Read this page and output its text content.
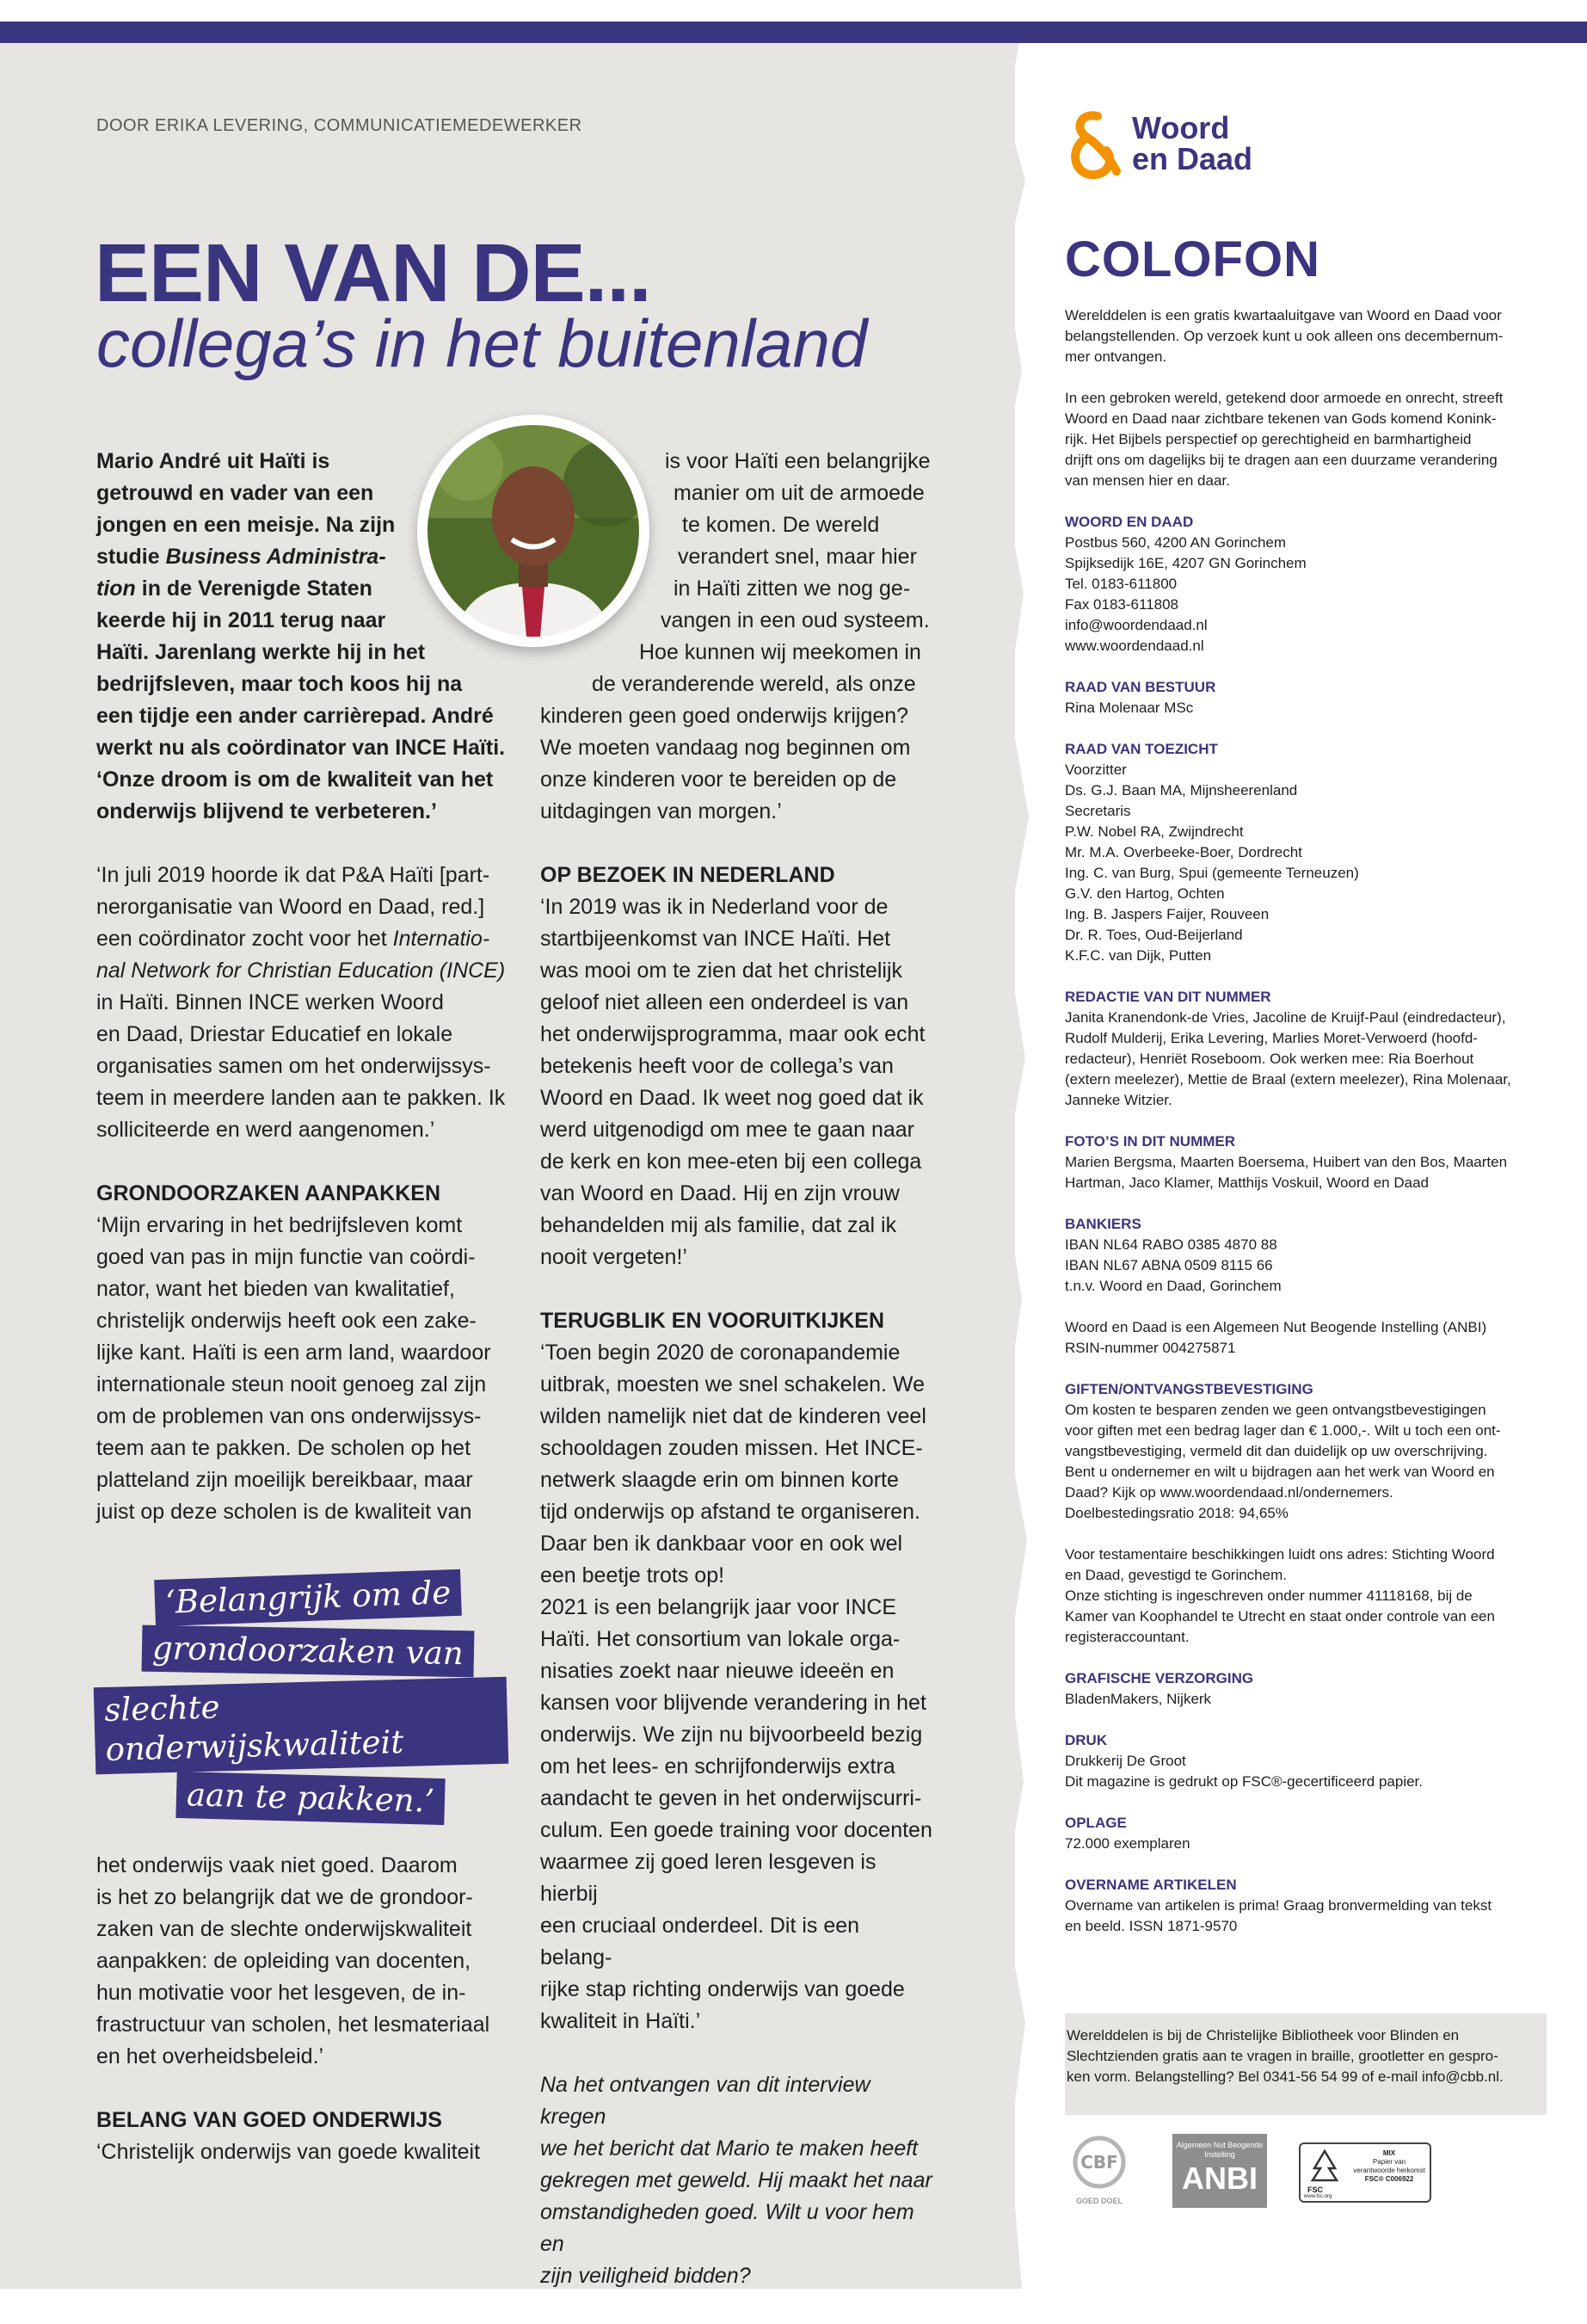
DOOR ERIKA LEVERING, COMMUNICATIEMEDEWERKER
EEN VAN DE...
collega’s in het buitenland

Mario André uit Haïti is
getrouwd en vader van een
jongen en een meisje. Na zijn
studie Business Administra-
tion in de Verenigde Staten
keerde hij in 2011 terug naar
Haïti. Jarenlang werkte hij in het
bedrijfsleven, maar toch koos hij na
een tijdje een ander carrièrepad. André
werkt nu als coördinator van INCE Haïti.
‘Onze droom is om de kwaliteit van het
onderwijs blijvend te verbeteren.’

‘In juli 2019 hoorde ik dat P&A Haïti [part-
nerorganisatie van Woord en Daad, red.]
een coördinator zocht voor het Internatio-
nal Network for Christian Education (INCE)
in Haïti. Binnen INCE werken Woord
en Daad, Driestar Educatief en lokale
organisaties samen om het onderwijssys-
teem in meerdere landen aan te pakken. Ik
solliciteerde en werd aangenomen.’

GRONDOORZAKEN AANPAKKEN

‘Mijn ervaring in het bedrijfsleven komt
goed van pas in mijn functie van coördi-
nator, want het bieden van kwalitatief,
christelijk onderwijs heeft ook een zake-
lijke kant. Haïti is een arm land, waardoor
internationale steun nooit genoeg zal zijn
om de problemen van ons onderwijssys-
teem aan te pakken. De scholen op het
platteland zijn moeilijk bereikbaar, maar
juist op deze scholen is de kwaliteit van

‘Belangrijk om de
grondoorzaken van
slechte onderwijskwaliteit
aan te pakken.’

het onderwijs vaak niet goed. Daarom
is het zo belangrijk dat we de grondoor-
zaken van de slechte onderwijskwaliteit
aanpakken: de opleiding van docenten,
hun motivatie voor het lesgeven, de in-
frastructuur van scholen, het lesmateriaal
en het overheidsbeleid.’

BELANG VAN GOED ONDERWIJS

‘Christelijk onderwijs van goede kwaliteit

is voor Haïti een belangrijke
manier om uit de armoede
te komen. De wereld
verandert snel, maar hier
in Haïti zitten we nog ge-
vangen in een oud systeem.
Hoe kunnen wij meekomen in
de veranderende wereld, als onze
kinderen geen goed onderwijs krijgen?
We moeten vandaag nog beginnen om
onze kinderen voor te bereiden op de
uitdagingen van morgen.’

OP BEZOEK IN NEDERLAND

‘In 2019 was ik in Nederland voor de
startbijeenkomst van INCE Haïti. Het
was mooi om te zien dat het christelijk
geloof niet alleen een onderdeel is van
het onderwijsprogramma, maar ook echt
betekenis heeft voor de collega’s van
Woord en Daad. Ik weet nog goed dat ik
werd uitgenodigd om mee te gaan naar
de kerk en kon mee-eten bij een collega
van Woord en Daad. Hij en zijn vrouw
behandelden mij als familie, dat zal ik
nooit vergeten!’

TERUGBLIK EN VOORUITKIJKEN

‘Toen begin 2020 de coronapandemie
uitbrak, moesten we snel schakelen. We
wilden namelijk niet dat de kinderen veel
schooldagen zouden missen. Het INCE-
netwerk slaagde erin om binnen korte
tijd onderwijs op afstand te organiseren.
Daar ben ik dankbaar voor en ook wel
een beetje trots op!
2021 is een belangrijk jaar voor INCE
Haïti. Het consortium van lokale orga-
nisaties zoekt naar nieuwe ideeën en
kansen voor blijvende verandering in het
onderwijs. We zijn nu bijvoorbeeld bezig
om het lees- en schrijfonderwijs extra
aandacht te geven in het onderwijscurri-
culum. Een goede training voor docenten
waarmee zij goed leren lesgeven is hierbij
een cruciaal onderdeel. Dit is een belang-
rijke stap richting onderwijs van goede
kwaliteit in Haïti.’

Na het ontvangen van dit interview kregen
we het bericht dat Mario te maken heeft
gekregen met geweld. Hij maakt het naar
omstandigheden goed. Wilt u voor hem en
zijn veiligheid bidden?

Woord
en Daad
COLOFON

Werelddelen is een gratis kwartaaluitgave van Woord en Daad voor
belangstellenden. Op verzoek kunt u ook alleen ons decembernum-
mer ontvangen.

In een gebroken wereld, getekend door armoede en onrecht, streeft
Woord en Daad naar zichtbare tekenen van Gods komend Konink-
rijk. Het Bijbels perspectief op gerechtigheid en barmhartigheid
drijft ons om dagelijks bij te dragen aan een duurzame verandering
van mensen hier en daar.

WOORD EN DAAD
Postbus 560, 4200 AN Gorinchem
Spijksedijk 16E, 4207 GN Gorinchem
Tel. 0183-611800
Fax 0183-611808
info@woordendaad.nl
www.woordendaad.nl
RAAD VAN BESTUUR
Rina Molenaar MSc
RAAD VAN TOEZICHT
Voorzitter
Ds. G.J. Baan MA, Mijnsheerenland
Secretaris
P.W. Nobel RA, Zwijndrecht
Mr. M.A. Overbeeke-Boer, Dordrecht
Ing. C. van Burg, Spui (gemeente Terneuzen)
G.V. den Hartog, Ochten
Ing. B. Jaspers Faijer, Rouveen
Dr. R. Toes, Oud-Beijerland
K.F.C. van Dijk, Putten
REDACTIE VAN DIT NUMMER
Janita Kranendonk-de Vries, Jacoline de Kruijf-Paul (eindredacteur),
Rudolf Mulderij, Erika Levering, Marlies Moret-Verwoerd (hoofd-
redacteur), Henriët Roseboom. Ook werken mee: Ria Boerhout
(extern meelezer), Mettie de Braal (extern meelezer), Rina Molenaar,
Janneke Witzier.
FOTO’S IN DIT NUMMER
Marien Bergsma, Maarten Boersema, Huibert van den Bos, Maarten
Hartman, Jaco Klamer, Matthijs Voskuil, Woord en Daad
BANKIERS
IBAN NL64 RABO 0385 4870 88
IBAN NL67 ABNA 0509 8115 66
t.n.v. Woord en Daad, Gorinchem
Woord en Daad is een Algemeen Nut Beogende Instelling (ANBI)
RSIN-nummer 004275871
GIFTEN/ONTVANGSTBEVESTIGING
Om kosten te besparen zenden we geen ontvangstbevestigingen
voor giften met een bedrag lager dan € 1.000,-. Wilt u toch een ont-
vangstbevestiging, vermeld dit dan duidelijk op uw overschrijving.
Bent u ondernemer en wilt u bijdragen aan het werk van Woord en
Daad? Kijk op www.woordendaad.nl/ondernemers.
Doelbestedingsratio 2018: 94,65%
Voor testamentaire beschikkingen luidt ons adres: Stichting Woord
en Daad, gevestigd te Gorinchem.
Onze stichting is ingeschreven onder nummer 41118168, bij de
Kamer van Koophandel te Utrecht en staat onder controle van een
registeraccountant.
GRAFISCHE VERZORGING
BladenMakers, Nijkerk
DRUK
Drukkerij De Groot
Dit magazine is gedrukt op FSC®-gecertificeerd papier.
OPLAGE
72.000 exemplaren
OVERNAME ARTIKELEN
Overname van artikelen is prima! Graag bronvermelding van tekst
en beeld. ISSN 1871-9570
Werelddelen is bij de Christelijke Bibliotheek voor Blinden en
Slechtzienden gratis aan te vragen in braille, grootletter en gespro-
ken vorm. Belangstelling? Bel 0341-56 54 99 of e-mail info@cbb.nl.
CBF
GOED DOEL
Algemeen Nut Beogende Instelling
ANBI	FSC
www.fsc.org
MIX
Papier van verantwoorde herkomst
FSC® C006922
